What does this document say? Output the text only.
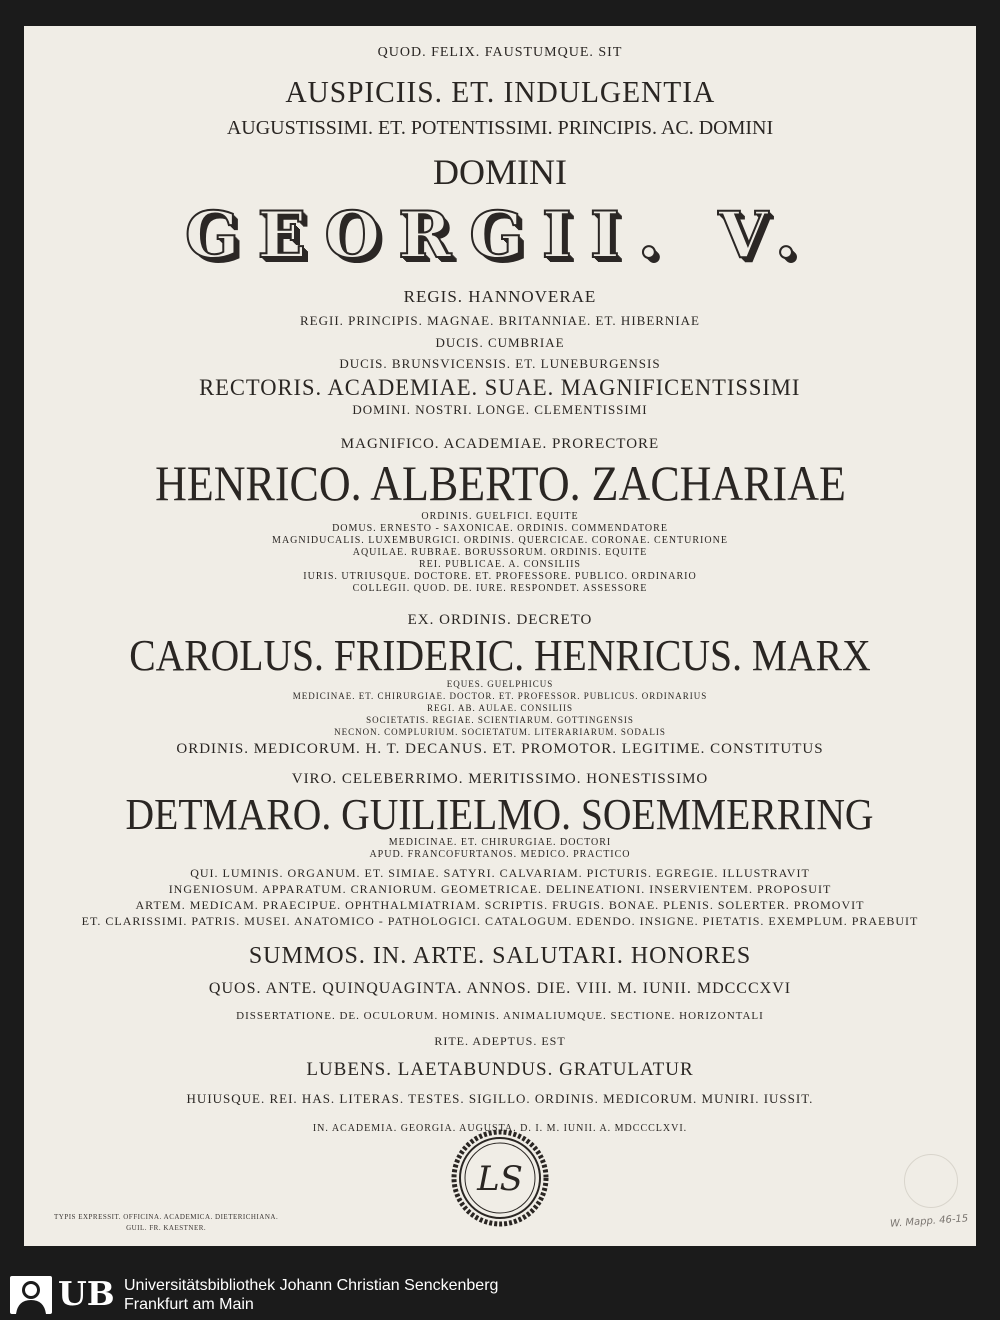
QUOD. FELIX. FAUSTUMQUE. SIT
AUSPICIIS. ET. INDULGENTIA
AUGUSTISSIMI. ET. POTENTISSIMI. PRINCIPIS. AC. DOMINI
DOMINI
GEORGII. V.
REGIS. HANNOVERAE
REGII. PRINCIPIS. MAGNAE. BRITANNIAE. ET. HIBERNIAE
DUCIS. CUMBRIAE
DUCIS. BRUNSVICENSIS. ET. LUNEBURGENSIS
RECTORIS. ACADEMIAE. SUAE. MAGNIFICENTISSIMI
DOMINI. NOSTRI. LONGE. CLEMENTISSIMI
MAGNIFICO. ACADEMIAE. PRORECTORE
HENRICO. ALBERTO. ZACHARIAE
ORDINIS. GUELFICI. EQUITE
DOMUS. ERNESTO - SAXONICAE. ORDINIS. COMMENDATORE
MAGNIDUCALIS. LUXEMBURGICI. ORDINIS. QUERCICAE. CORONAE. CENTURIONE
AQUILAE. RUBRAE. BORUSSORUM. ORDINIS. EQUITE
REI. PUBLICAE. A. CONSILIIS
IURIS. UTRIUSQUE. DOCTORE. ET. PROFESSORE. PUBLICO. ORDINARIO
COLLEGII. QUOD. DE. IURE. RESPONDET. ASSESSORE
EX. ORDINIS. DECRETO
CAROLUS. FRIDERIC. HENRICUS. MARX
EQUES. GUELPHICUS
MEDICINAE. ET. CHIRURGIAE. DOCTOR. ET. PROFESSOR. PUBLICUS. ORDINARIUS
REGI. AB. AULAE. CONSILIIS
SOCIETATIS. REGIAE. SCIENTIARUM. GOTTINGENSIS
NECNON. COMPLURIUM. SOCIETATUM. LITERARIARUM. SODALIS
ORDINIS. MEDICORUM. H. T. DECANUS. ET. PROMOTOR. LEGITIME. CONSTITUTUS
VIRO. CELEBERRIMO. MERITISSIMO. HONESTISSIMO
DETMARO. GUILIELMO. SOEMMERRING
MEDICINAE. ET. CHIRURGIAE. DOCTORI
APUD. FRANCOFURTANOS. MEDICO. PRACTICO
QUI. LUMINIS. ORGANUM. ET. SIMIAE. SATYRI. CALVARIAM. PICTURIS. EGREGIE. ILLUSTRAVIT
INGENIOSUM. APPARATUM. CRANIORUM. GEOMETRICAE. DELINEATIONI. INSERVIENTEM. PROPOSUIT
ARTEM. MEDICAM. PRAECIPUE. OPHTHALMIATRIAM. SCRIPTIS. FRUGIS. BONAE. PLENIS. SOLERTER. PROMOVIT
ET. CLARISSIMI. PATRIS. MUSEI. ANATOMICO - PATHOLOGICI. CATALOGUM. EDENDO. INSIGNE. PIETATIS. EXEMPLUM. PRAEBUIT
SUMMOS. IN. ARTE. SALUTARI. HONORES
QUOS. ANTE. QUINQUAGINTA. ANNOS. DIE. VIII. M. IUNII. MDCCCXVI
DISSERTATIONE. DE. OCULORUM. HOMINIS. ANIMALIUMQUE. SECTIONE. HORIZONTALI
RITE. ADEPTUS. EST
LUBENS. LAETABUNDUS. GRATULATUR
HUIUSQUE. REI. HAS. LITERAS. TESTES. SIGILLO. ORDINIS. MEDICORUM. MUNIRI. IUSSIT.
IN. ACADEMIA. GEORGIA. AUGUSTA. D. I. M. IUNII. A. MDCCCLXVI.
LS
TYPIS EXPRESSIT. OFFICINA. ACADEMICA. DIETERICHIANA.
GUIL. FR. KAESTNER.	W. Mapp. 46-15
UB Universitätsbibliothek Johann Christian Senckenberg
Frankfurt am Main
